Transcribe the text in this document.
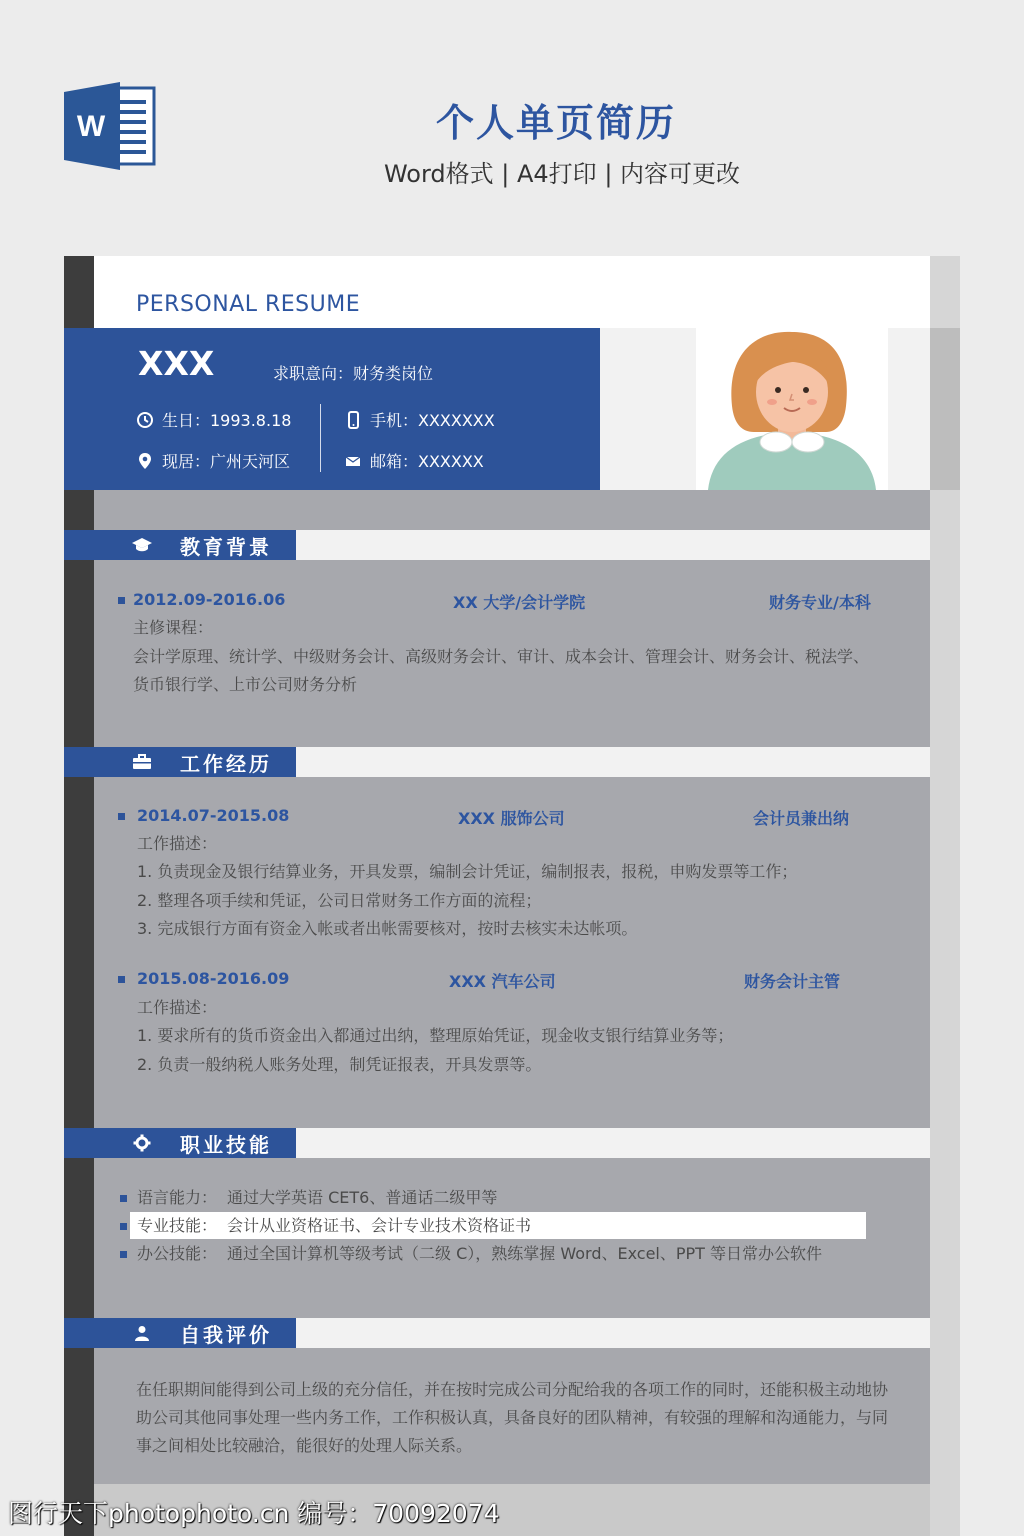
W	个人单页简历
Word格式 | A4打印 | 内容可更改
PERSONAL RESUME
XXX	求职意向：财务类岗位
生日：1993.8.18
现居：广州天河区
手机：XXXXXXX
邮箱：XXXXXX
教育背景
2012.09-2016.06	XX 大学/会计学院	财务专业/本科
主修课程：
会计学原理、统计学、中级财务会计、高级财务会计、审计、成本会计、管理会计、财务会计、税法学、
货币银行学、上市公司财务分析
工作经历
2014.07-2015.08	XXX 服饰公司	会计员兼出纳
工作描述：
1. 负责现金及银行结算业务，开具发票，编制会计凭证，编制报表，报税，申购发票等工作；
2. 整理各项手续和凭证，公司日常财务工作方面的流程；
3. 完成银行方面有资金入帐或者出帐需要核对，按时去核实未达帐项。
2015.08-2016.09	XXX 汽车公司	财务会计主管
工作描述：
1. 要求所有的货币资金出入都通过出纳，整理原始凭证，现金收支银行结算业务等；
2. 负责一般纳税人账务处理，制凭证报表，开具发票等。
职业技能
语言能力： 通过大学英语 CET6、普通话二级甲等
专业技能： 会计从业资格证书、会计专业技术资格证书
办公技能： 通过全国计算机等级考试（二级 C），熟练掌握 Word、Excel、PPT 等日常办公软件
自我评价
在任职期间能得到公司上级的充分信任，并在按时完成公司分配给我的各项工作的同时，还能积极主动地协助公司其他同事处理一些内务工作，工作积极认真，具备良好的团队精神，有较强的理解和沟通能力，与同事之间相处比较融洽，能很好的处理人际关系。
图行天下photophoto.cn 编号：70092074
